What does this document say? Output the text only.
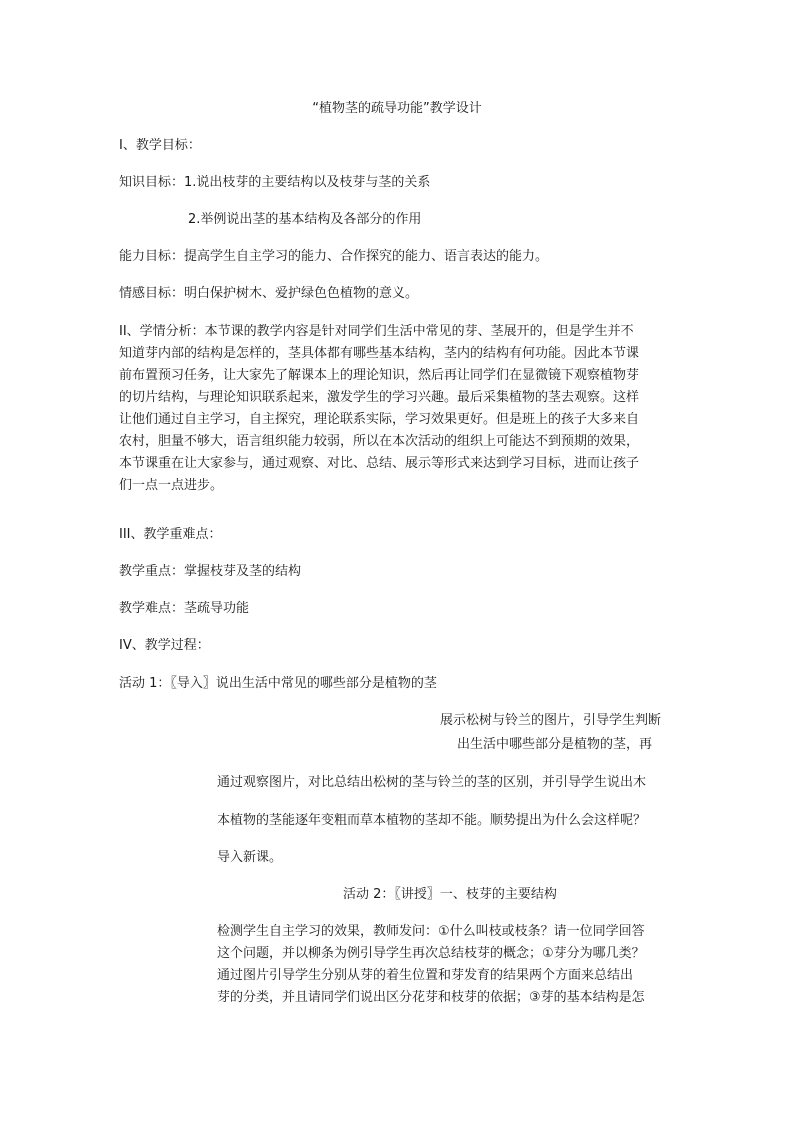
“植物茎的疏导功能”教学设计
I、教学目标：
知识目标：1.说出枝芽的主要结构以及枝芽与茎的关系
2.举例说出茎的基本结构及各部分的作用
能力目标：提高学生自主学习的能力、合作探究的能力、语言表达的能力。
情感目标：明白保护树木、爱护绿色色植物的意义。
II、学情分析：本节课的教学内容是针对同学们生活中常见的芽、茎展开的，但是学生并不
知道芽内部的结构是怎样的，茎具体都有哪些基本结构，茎内的结构有何功能。因此本节课
前布置预习任务，让大家先了解课本上的理论知识，然后再让同学们在显微镜下观察植物芽
的切片结构，与理论知识联系起来，激发学生的学习兴趣。最后采集植物的茎去观察。这样
让他们通过自主学习，自主探究，理论联系实际，学习效果更好。但是班上的孩子大多来自
农村，胆量不够大，语言组织能力较弱，所以在本次活动的组织上可能达不到预期的效果，
本节课重在让大家参与，通过观察、对比、总结、展示等形式来达到学习目标，进而让孩子
们一点一点进步。
III、教学重难点：
教学重点：掌握枝芽及茎的结构
教学难点：茎疏导功能
IV、教学过程：
活动 1：〖导入〗说出生活中常见的哪些部分是植物的茎
展示松树与铃兰的图片，引导学生判断
出生活中哪些部分是植物的茎，再
通过观察图片，对比总结出松树的茎与铃兰的茎的区别，并引导学生说出木
本植物的茎能逐年变粗而草本植物的茎却不能。顺势提出为什么会这样呢？
导入新课。
活动 2：〖讲授〗一、枝芽的主要结构
检测学生自主学习的效果，教师发问：①什么叫枝或枝条？请一位同学回答
这个问题，并以柳条为例引导学生再次总结枝芽的概念；①芽分为哪几类？
通过图片引导学生分别从芽的着生位置和芽发育的结果两个方面来总结出
芽的分类，并且请同学们说出区分花芽和枝芽的依据；③芽的基本结构是怎
